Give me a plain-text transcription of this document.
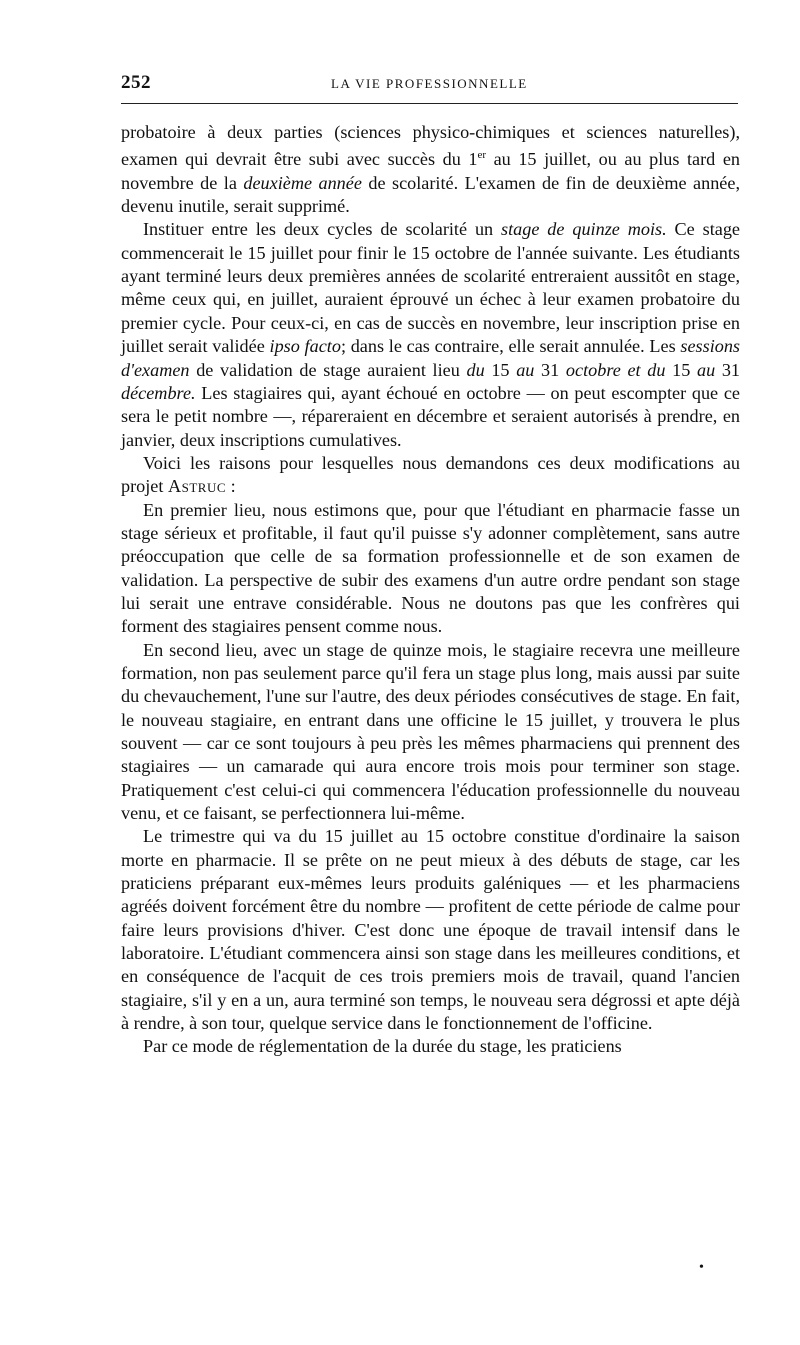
252	LA VIE PROFESSIONNELLE

probatoire à deux parties (sciences physico-chimiques et sciences naturelles), examen qui devrait être subi avec succès du 1er au 15 juillet, ou au plus tard en novembre de la deuxième année de scolarité. L'examen de fin de deuxième année, devenu inutile, serait supprimé.

Instituer entre les deux cycles de scolarité un stage de quinze mois. Ce stage commencerait le 15 juillet pour finir le 15 octobre de l'année suivante. Les étudiants ayant terminé leurs deux premières années de scolarité entreraient aussitôt en stage, même ceux qui, en juillet, auraient éprouvé un échec à leur examen probatoire du premier cycle. Pour ceux-ci, en cas de succès en novembre, leur inscription prise en juillet serait validée ipso facto; dans le cas contraire, elle serait annulée. Les sessions d'examen de validation de stage auraient lieu du 15 au 31 octobre et du 15 au 31 décembre. Les stagiaires qui, ayant échoué en octobre — on peut escompter que ce sera le petit nombre —, répareraient en décembre et seraient autorisés à prendre, en janvier, deux inscriptions cumulatives.

Voici les raisons pour lesquelles nous demandons ces deux modifications au projet Astruc :

En premier lieu, nous estimons que, pour que l'étudiant en pharmacie fasse un stage sérieux et profitable, il faut qu'il puisse s'y adonner complètement, sans autre préoccupation que celle de sa formation professionnelle et de son examen de validation. La perspective de subir des examens d'un autre ordre pendant son stage lui serait une entrave considérable. Nous ne doutons pas que les confrères qui forment des stagiaires pensent comme nous.

En second lieu, avec un stage de quinze mois, le stagiaire recevra une meilleure formation, non pas seulement parce qu'il fera un stage plus long, mais aussi par suite du chevauchement, l'une sur l'autre, des deux périodes consécutives de stage. En fait, le nouveau stagiaire, en entrant dans une officine le 15 juillet, y trouvera le plus souvent — car ce sont toujours à peu près les mêmes pharmaciens qui prennent des stagiaires — un camarade qui aura encore trois mois pour terminer son stage. Pratiquement c'est celui-ci qui commencera l'éducation professionnelle du nouveau venu, et ce faisant, se perfectionnera lui-même.

Le trimestre qui va du 15 juillet au 15 octobre constitue d'ordinaire la saison morte en pharmacie. Il se prête on ne peut mieux à des débuts de stage, car les praticiens préparant eux-mêmes leurs produits galéniques — et les pharmaciens agréés doivent forcément être du nombre — profitent de cette période de calme pour faire leurs provisions d'hiver. C'est donc une époque de travail intensif dans le laboratoire. L'étudiant commencera ainsi son stage dans les meilleures conditions, et en conséquence de l'acquit de ces trois premiers mois de travail, quand l'ancien stagiaire, s'il y en a un, aura terminé son temps, le nouveau sera dégrossi et apte déjà à rendre, à son tour, quelque service dans le fonctionnement de l'officine.

Par ce mode de réglementation de la durée du stage, les praticiens

•
